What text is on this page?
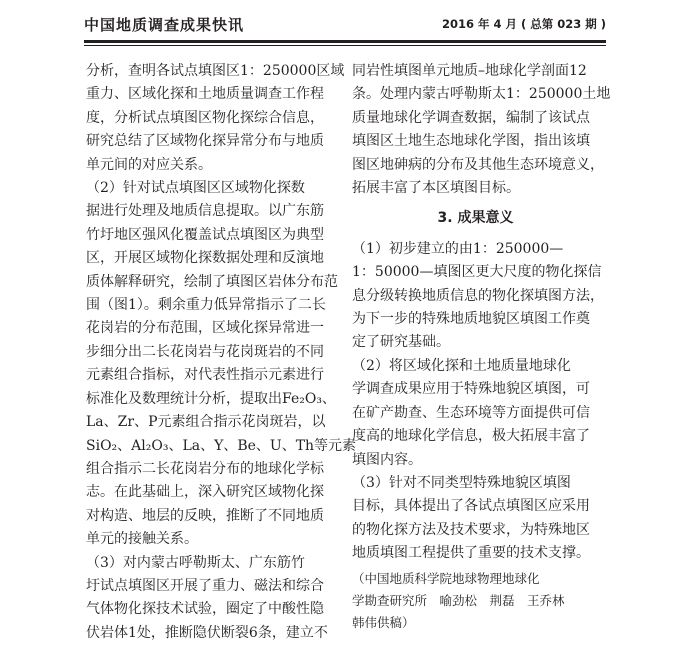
中国地质调查成果快讯	2016 年 4 月 ( 总第 023 期 )

分析，查明各试点填图区1：250000区域

重力、区域化探和土地质量调查工作程

度，分析试点填图区物化探综合信息，

研究总结了区域物化探异常分布与地质

单元间的对应关系。

（2）针对试点填图区区域物化探数

据进行处理及地质信息提取。以广东筋

竹圩地区强风化覆盖试点填图区为典型

区，开展区域物化探数据处理和反演地

质体解释研究，绘制了填图区岩体分布范

围（图1）。剩余重力低异常指示了二长

花岗岩的分布范围，区域化探异常进一

步细分出二长花岗岩与花岗斑岩的不同

元素组合指标，对代表性指示元素进行

标准化及数理统计分析，提取出Fe₂O₃、

La、Zr、P元素组合指示花岗斑岩，以

SiO₂、Al₂O₃、La、Y、Be、U、Th等元素

组合指示二长花岗岩分布的地球化学标

志。在此基础上，深入研究区域物化探

对构造、地层的反映，推断了不同地质

单元的接触关系。

（3）对内蒙古呼勒斯太、广东筋竹

圩试点填图区开展了重力、磁法和综合

气体物化探技术试验，圈定了中酸性隐

伏岩体1处，推断隐伏断裂6条，建立不

同岩性填图单元地质–地球化学剖面12

条。处理内蒙古呼勒斯太1：250000土地

质量地球化学调查数据，编制了该试点

填图区土地生态地球化学图，指出该填

图区地砷病的分布及其他生态环境意义，

拓展丰富了本区填图目标。

3. 成果意义

（1）初步建立的由1：250000—

1：50000—填图区更大尺度的物化探信

息分级转换地质信息的物化探填图方法，

为下一步的特殊地质地貌区填图工作奠

定了研究基础。

（2）将区域化探和土地质量地球化

学调查成果应用于特殊地貌区填图，可

在矿产勘查、生态环境等方面提供可信

度高的地球化学信息，极大拓展丰富了

填图内容。

（3）针对不同类型特殊地貌区填图

目标，具体提出了各试点填图区应采用

的物化探方法及技术要求，为特殊地区

地质填图工程提供了重要的技术支撑。

（中国地质科学院地球物理地球化

学勘查研究所　喻劲松　荆磊　王乔林

韩伟供稿）
